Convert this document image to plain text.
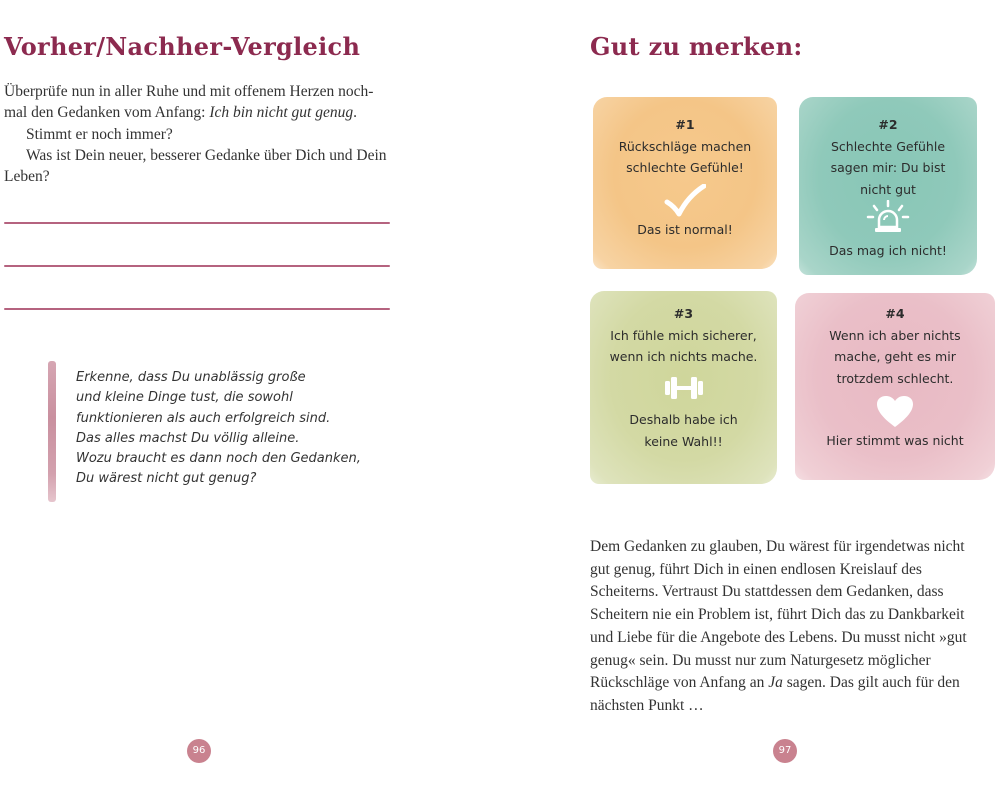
Vorher/Nachher-Vergleich

Überprüfe nun in aller Ruhe und mit offenem Herzen noch-

mal den Gedanken vom Anfang: Ich bin nicht gut genug.

Stimmt er noch immer?

Was ist Dein neuer, besserer Gedanke über Dich und Dein

Leben?

Erkenne, dass Du unablässig große
und kleine Dinge tust, die sowohl
funktionieren als auch erfolgreich sind.
Das alles machst Du völlig alleine.
Wozu braucht es dann noch den Gedanken,
Du wärest nicht gut genug?
96
Gut zu merken:
#1
Rückschläge machen
schlechte Gefühle!
Das ist normal!
#2
Schlechte Gefühle
sagen mir: Du bist
nicht gut
Das mag ich nicht!
#3
Ich fühle mich sicherer,
wenn ich nichts mache.
Deshalb habe ich
keine Wahl!!
#4
Wenn ich aber nichts
mache, geht es mir
trotzdem schlecht.
Hier stimmt was nicht

Dem Gedanken zu glauben, Du wärest für irgendetwas nicht

gut genug, führt Dich in einen endlosen Kreislauf des

Scheiterns. Vertraust Du stattdessen dem Gedanken, dass

Scheitern nie ein Problem ist, führt Dich das zu Dankbarkeit

und Liebe für die Angebote des Lebens. Du musst nicht »gut

genug« sein. Du musst nur zum Naturgesetz möglicher

Rückschläge von Anfang an Ja sagen. Das gilt auch für den

nächsten Punkt …

97
